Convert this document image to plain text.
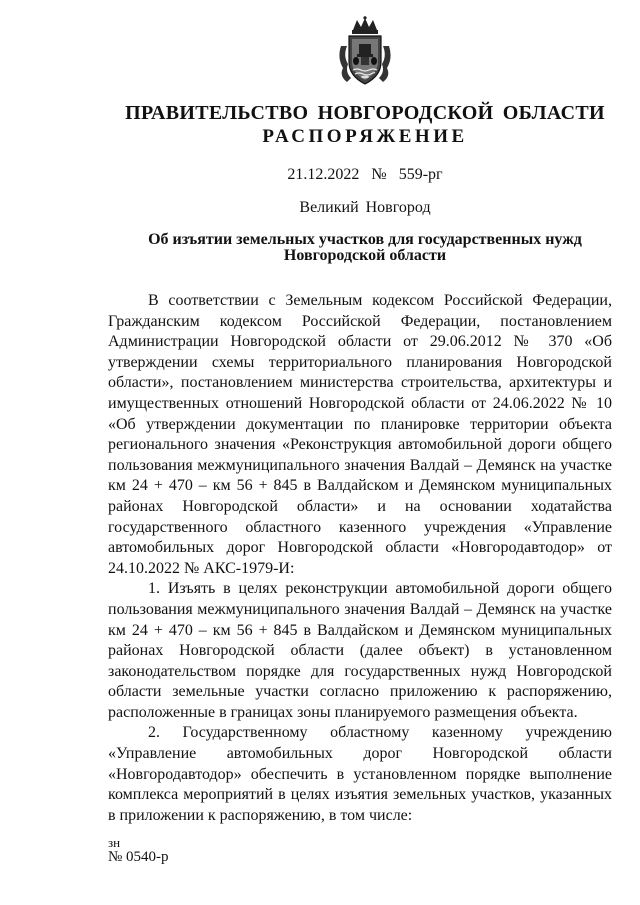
ПРАВИТЕЛЬСТВО НОВГОРОДСКОЙ ОБЛАСТИ
РАСПОРЯЖЕНИЕ
21.12.2022 № 559-рг
Великий Новгород
Об изъятии земельных участков для государственных нужд
Новгородской области

В соответствии с Земельным кодексом Российской Федерации, Гражданским кодексом Российской Федерации, постановлением Администрации Новгородской области от 29.06.2012 № 370 «Об утверждении схемы территориального планирования Новгородской области», постановлением министерства строительства, архитектуры и имущественных отношений Новгородской области от 24.06.2022 № 10 «Об утверждении документации по планировке территории объекта регионального значения «Реконструкция автомобильной дороги общего пользования межмуниципального значения Валдай – Демянск на участке км 24 + 470 – км 56 + 845 в Валдайском и Демянском муниципальных районах Новгородской области» и на основании ходатайства государственного областного казенного учреждения «Управление автомобильных дорог Новгородской области «Новгородавтодор» от 24.10.2022 № АКС-1979-И:

1. Изъять в целях реконструкции автомобильной дороги общего пользования межмуниципального значения Валдай – Демянск на участке км 24 + 470 – км 56 + 845 в Валдайском и Демянском муниципальных районах Новгородской области (далее объект) в установленном законодательством порядке для государственных нужд Новгородской области земельные участки согласно приложению к распоряжению, расположенные в границах зоны планируемого размещения объекта.

2. Государственному областному казенному учреждению «Управление автомобильных дорог Новгородской области «Новгородавтодор» обеспечить в установленном порядке выполнение комплекса мероприятий в целях изъятия земельных участков, указанных в приложении к распоряжению, в том числе:

зн
№ 0540-р
